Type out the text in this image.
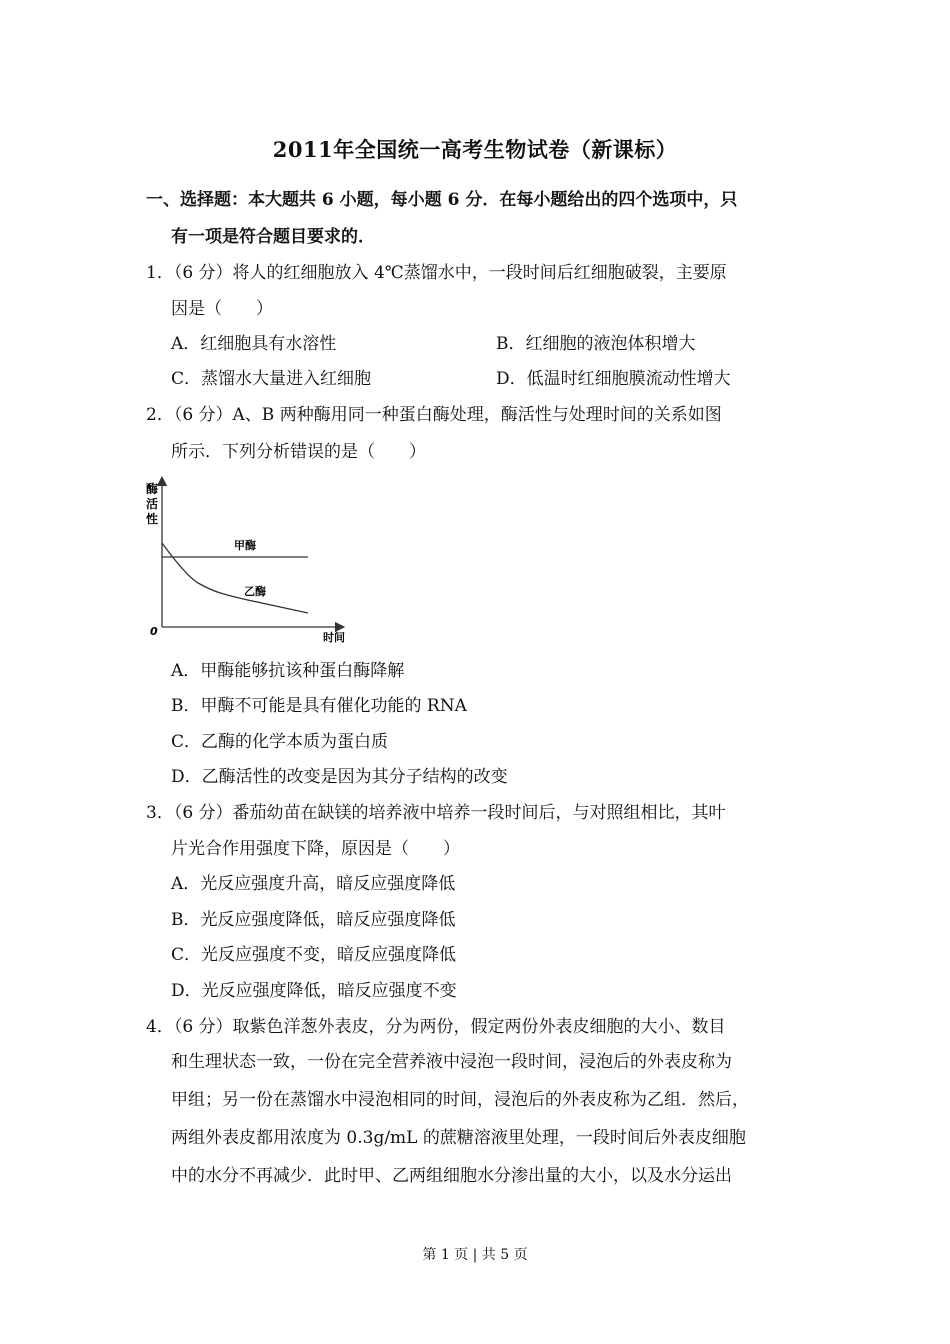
2011年全国统一高考生物试卷（新课标）
一、选择题：本大题共 6 小题，每小题 6 分．在每小题给出的四个选项中，只
有一项是符合题目要求的．
1．（6 分）将人的红细胞放入 4℃蒸馏水中，一段时间后红细胞破裂，主要原
因是（　　）
A．红细胞具有水溶性	B．红细胞的液泡体积增大
C．蒸馏水大量进入红细胞	D．低温时红细胞膜流动性增大
2．（6 分）A、B 两种酶用同一种蛋白酶处理，酶活性与处理时间的关系如图
所示．下列分析错误的是（　　）
酶
活
性
时间
0
甲酶
乙酶
A．甲酶能够抗该种蛋白酶降解
B．甲酶不可能是具有催化功能的 RNA
C．乙酶的化学本质为蛋白质
D．乙酶活性的改变是因为其分子结构的改变
3．（6 分）番茄幼苗在缺镁的培养液中培养一段时间后，与对照组相比，其叶
片光合作用强度下降，原因是（　　）
A．光反应强度升高，暗反应强度降低
B．光反应强度降低，暗反应强度降低
C．光反应强度不变，暗反应强度降低
D．光反应强度降低，暗反应强度不变
4．（6 分）取紫色洋葱外表皮，分为两份，假定两份外表皮细胞的大小、数目
和生理状态一致，一份在完全营养液中浸泡一段时间，浸泡后的外表皮称为
甲组；另一份在蒸馏水中浸泡相同的时间，浸泡后的外表皮称为乙组．然后，
两组外表皮都用浓度为 0.3g/mL 的蔗糖溶液里处理，一段时间后外表皮细胞
中的水分不再减少．此时甲、乙两组细胞水分渗出量的大小，以及水分运出
第 1 页 | 共 5 页
